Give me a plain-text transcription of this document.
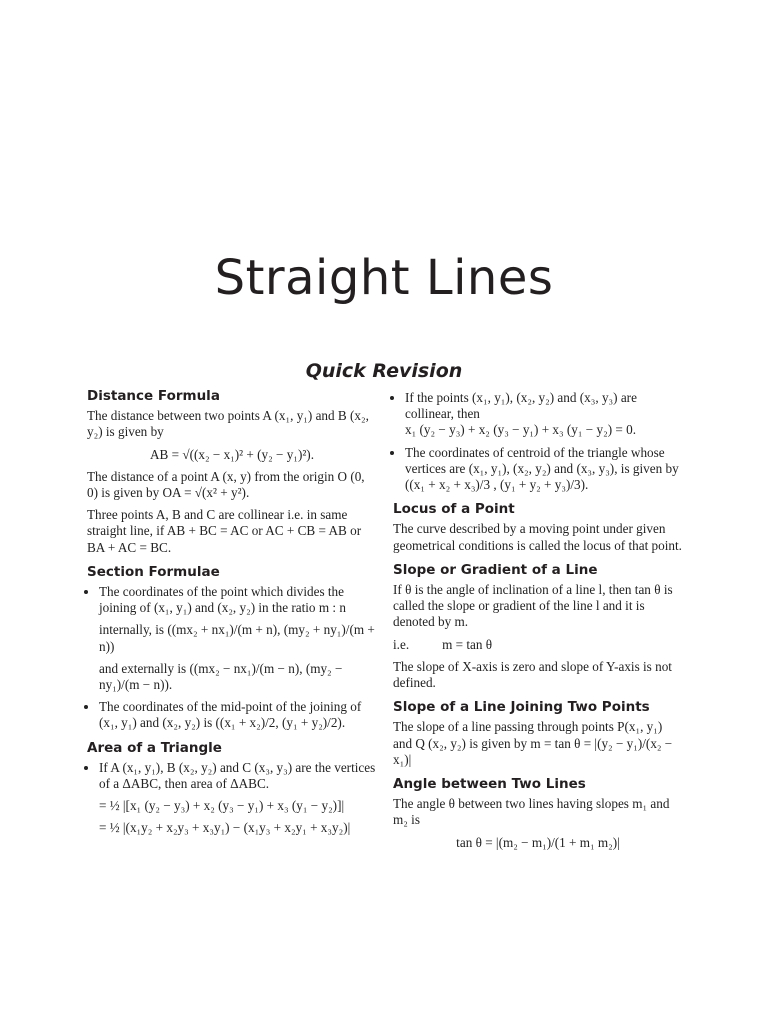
Straight Lines
Quick Revision
Distance Formula

The distance between two points A (x₁, y₁) and B (x₂, y₂) is given by

AB = √((x₂ − x₁)² + (y₂ − y₁)²).

The distance of a point A (x, y) from the origin O (0, 0) is given by OA = √(x² + y²).

Three points A, B and C are collinear i.e. in same straight line, if AB + BC = AC or AC + CB = AB or BA + AC = BC.

Section Formulae
• The coordinates of the point which divides the joining of (x₁, y₁) and (x₂, y₂) in the ratio m : n
internally, is ((mx₂ + nx₁)/(m + n), (my₂ + ny₁)/(m + n))
and externally is ((mx₂ − nx₁)/(m − n), (my₂ − ny₁)/(m − n)).
• The coordinates of the mid-point of the joining of (x₁, y₁) and (x₂, y₂) is ((x₁ + x₂)/2, (y₁ + y₂)/2).
Area of a Triangle
• If A (x₁, y₁), B (x₂, y₂) and C (x₃, y₃) are the vertices of a ΔABC, then area of ΔABC.
= ½ |[x₁ (y₂ − y₃) + x₂ (y₃ − y₁) + x₃ (y₁ − y₂)]|
= ½ |(x₁y₂ + x₂y₃ + x₃y₁) − (x₁y₃ + x₂y₁ + x₃y₂)|
• If the points (x₁, y₁), (x₂, y₂) and (x₃, y₃) are collinear, then
x₁ (y₂ − y₃) + x₂ (y₃ − y₁) + x₃ (y₁ − y₂) = 0.
• The coordinates of centroid of the triangle whose vertices are (x₁, y₁), (x₂, y₂) and (x₃, y₃), is given by ((x₁ + x₂ + x₃)/3 , (y₁ + y₂ + y₃)/3).
Locus of a Point

The curve described by a moving point under given geometrical conditions is called the locus of that point.

Slope or Gradient of a Line

If θ is the angle of inclination of a line l, then tan θ is called the slope or gradient of the line l and it is denoted by m.

i.e.          m = tan θ

The slope of X-axis is zero and slope of Y-axis is not defined.

Slope of a Line Joining Two Points

The slope of a line passing through points P(x₁, y₁) and Q (x₂, y₂) is given by m = tan θ = |(y₂ − y₁)/(x₂ − x₁)|

Angle between Two Lines

The angle θ between two lines having slopes m₁ and m₂ is

tan θ = |(m₂ − m₁)/(1 + m₁ m₂)|
